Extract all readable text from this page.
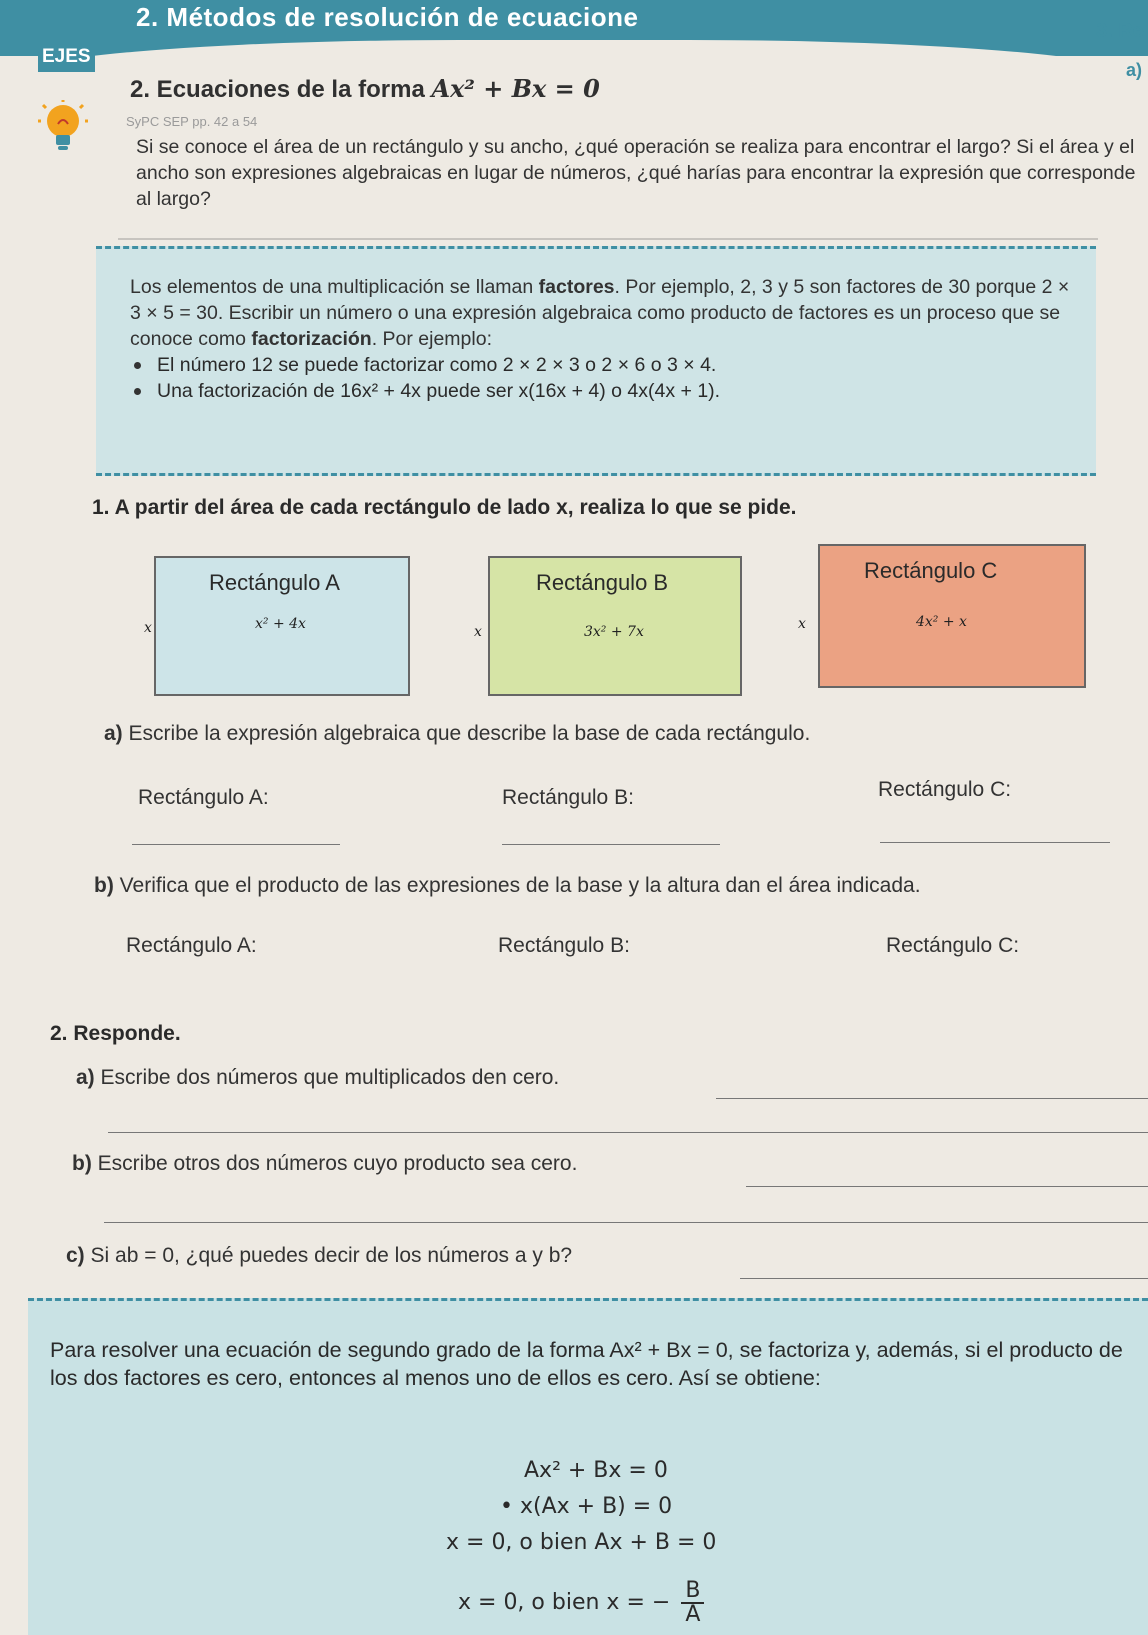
2. Métodos de resolución de ecuacione
EJES
3. Re
a)
2. Ecuaciones de la forma Ax² + Bx = 0
SyPC SEP pp. 42 a 54
Si se conoce el área de un rectángulo y su ancho, ¿qué operación se realiza para encontrar el largo? Si el área y el ancho son expresiones algebraicas en lugar de números, ¿qué harías para encontrar la expresión que corresponde al largo?
Los elementos de una multiplicación se llaman factores. Por ejemplo, 2, 3 y 5 son factores de 30 porque 2 × 3 × 5 = 30. Escribir un número o una expresión algebraica como producto de factores es un proceso que se conoce como factorización. Por ejemplo:
El número 12 se puede factorizar como 2 × 2 × 3 o 2 × 6 o 3 × 4.
Una factorización de 16x² + 4x puede ser x(16x + 4) o 4x(4x + 1).
1. A partir del área de cada rectángulo de lado x, realiza lo que se pide.
Rectángulo A
x	x² + 4x
Rectángulo B
x	3x² + 7x
Rectángulo C
x	4x² + x
a) Escribe la expresión algebraica que describe la base de cada rectángulo.
Rectángulo A:	Rectángulo B:	Rectángulo C:
b) Verifica que el producto de las expresiones de la base y la altura dan el área indicada.
Rectángulo A:	Rectángulo B:	Rectángulo C:
2. Responde.
a) Escribe dos números que multiplicados den cero.
b) Escribe otros dos números cuyo producto sea cero.
c) Si ab = 0, ¿qué puedes decir de los números a y b?
Para resolver una ecuación de segundo grado de la forma Ax² + Bx = 0, se factoriza y, además, si el producto de los dos factores es cero, entonces al menos uno de ellos es cero. Así se obtiene:
Ax² + Bx = 0
• x(Ax + B) = 0
x = 0, o bien Ax + B = 0
x = 0, o bien x = − $\frac{B}{A}$
